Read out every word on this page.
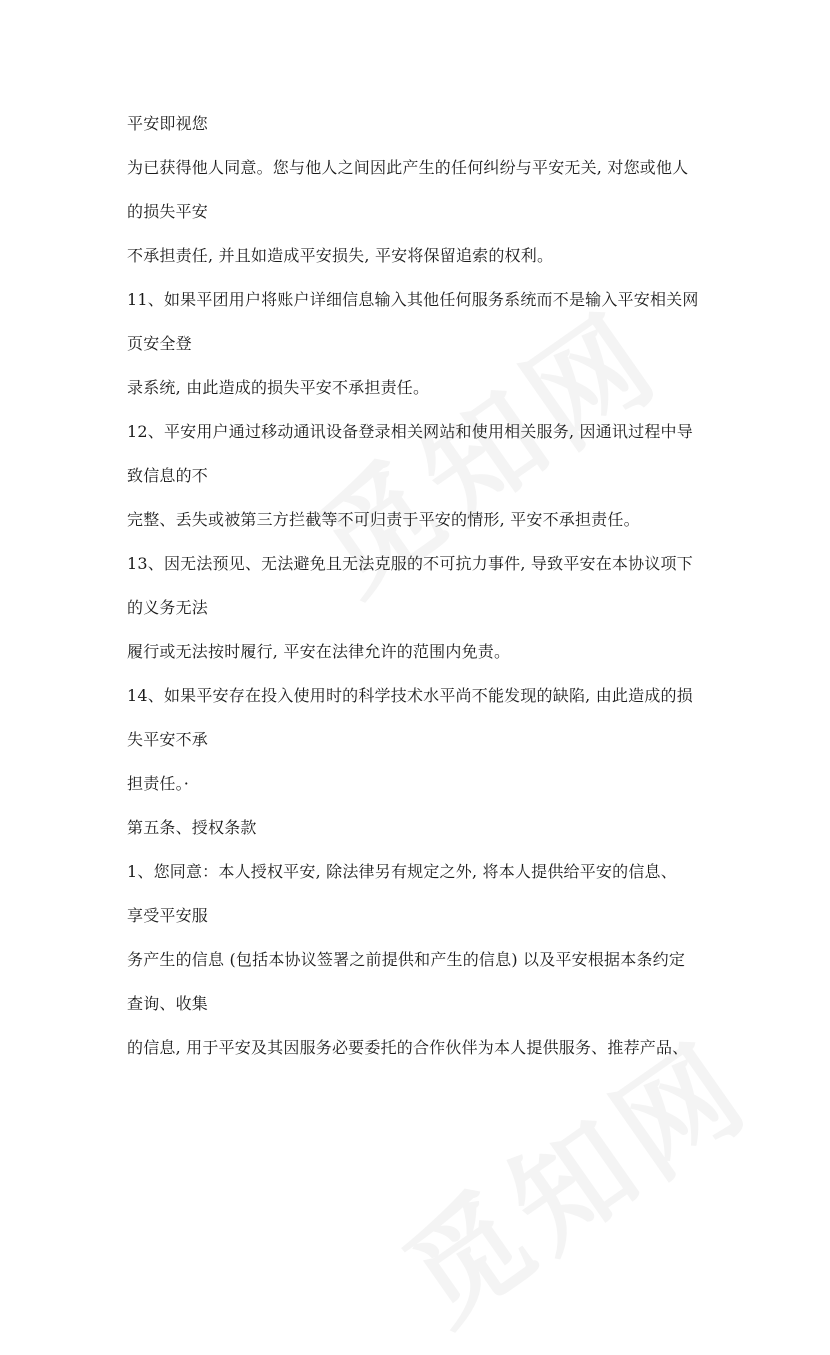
平安即视您
为已获得他人同意。您与他人之间因此产生的任何纠纷与平安无关, 对您或他人
的损失平安
不承担责任, 并且如造成平安损失, 平安将保留追索的权利。
11、如果平团用户将账户详细信息输入其他任何服务系统而不是输入平安相关网
页安全登
录系统, 由此造成的损失平安不承担责任。
12、平安用户通过移动通讯设备登录相关网站和使用相关服务, 因通讯过程中导
致信息的不
完整、丢失或被第三方拦截等不可归责于平安的情形, 平安不承担责任。
13、因无法预见、无法避免且无法克服的不可抗力事件, 导致平安在本协议项下
的义务无法
履行或无法按时履行, 平安在法律允许的范围内免责。
14、如果平安存在投入使用时的科学技术水平尚不能发现的缺陷, 由此造成的损
失平安不承
担责任。·
第五条、授权条款
1、您同意：本人授权平安, 除法律另有规定之外, 将本人提供给平安的信息、
享受平安服
务产生的信息 (包括本协议签署之前提供和产生的信息) 以及平安根据本条约定
查询、收集
的信息, 用于平安及其因服务必要委托的合作伙伴为本人提供服务、推荐产品、
